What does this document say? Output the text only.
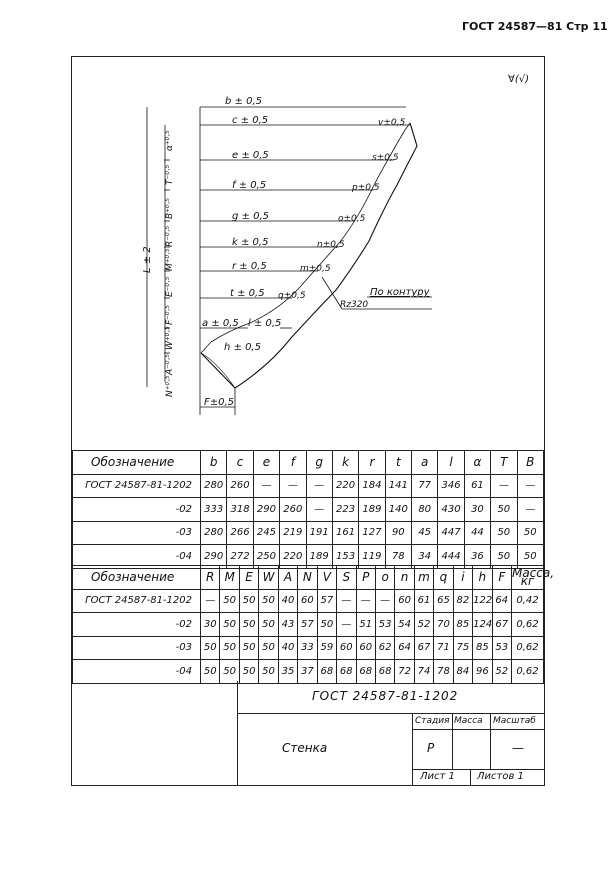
ГОСТ 24587—81 Стр 11
b ± 0,5
c ± 0,5
e ± 0,5
f ± 0,5
g ± 0,5
k ± 0,5
r ± 0,5
t ± 0,5
a ± 0,5 l ± 0,5
h ± 0,5
F±0,5
L ± 2
v±0,5
s±0,5
p±0,5
o±0,5
n±0,5
m±0,5
q±0,5
α⁺⁰·⁵
T⁻⁰·⁵
B⁺⁰·⁵
R⁻⁰·⁵
M⁺⁰·⁵
E⁻⁰·⁵
F⁻⁰·⁵
W⁺⁰·⁵
A⁻⁰·⁵
N⁺⁰·⁵
∀(√)
Rz320
По контуру
Обозначение	b	c	e	f	g	k	r	t	a	l	α	T	B
ГОСТ 24587-81-1202	280	260	—	—	—	220	184	141	77	346	61	—	—
-02	333	318	290	260	—	223	189	140	80	430	30	50	—
-03	280	266	245	219	191	161	127	90	45	447	44	50	50
-04	290	272	250	220	189	153	119	78	34	444	36	50	50
Обозначение	R	M	E	W	A	N	V	S	P	o	n	m	q	i	h	F	Масса, кг
ГОСТ 24587-81-1202	—	50	50	50	40	60	57	—	—	—	60	61	65	82	122	64	0,42
-02	30	50	50	50	43	57	50	—	51	53	54	52	70	85	124	67	0,62
-03	50	50	50	50	40	33	59	60	60	62	64	67	71	75	85	53	0,62
-04	50	50	50	50	35	37	68	68	68	68	72	74	78	84	96	52	0,62
ГОСТ 24587-81-1202
Стенка
Стадия Масса Масштаб
Р	—
Лист 1 Листов 1
